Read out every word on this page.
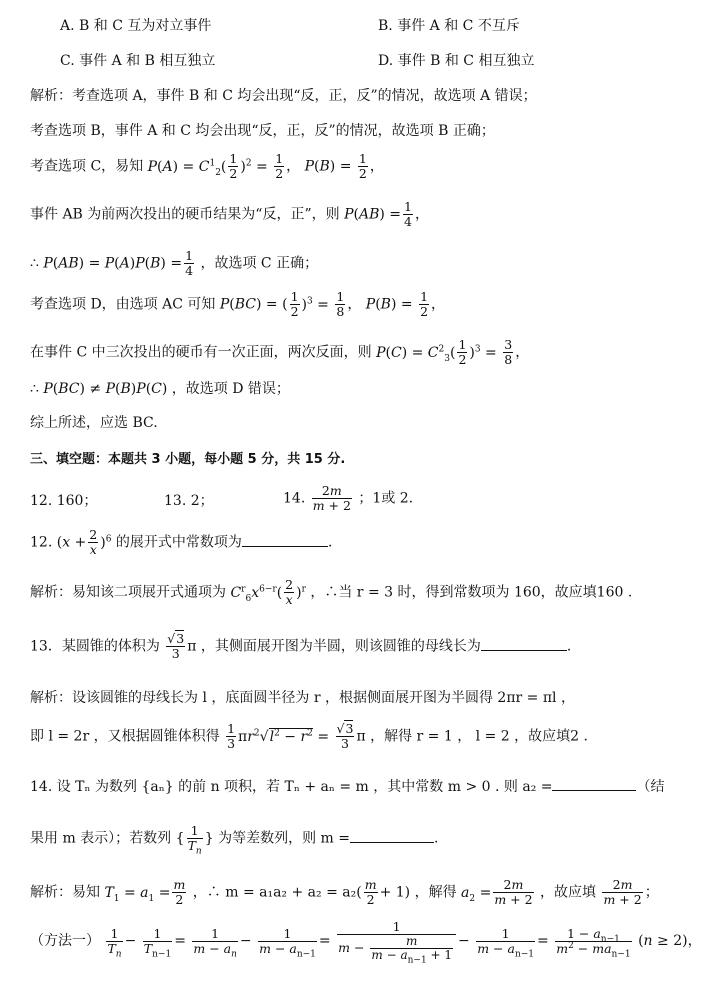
A. B 和 C 互为对立事件	B. 事件 A 和 C 不互斥
C. 事件 A 和 B 相互独立	D. 事件 B 和 C 相互独立
解析：考查选项 A，事件 B 和 C 均会出现“反，正，反”的情况，故选项 A 错误；
考查选项 B，事件 A 和 C 均会出现“反，正，反”的情况，故选项 B 正确；
考查选项 C，易知 $P(A) = C^1_2( \frac{1}{2} )^2 = \frac{1}{2}$ ， $P(B) = \frac{1}{2}$ ，
事件 AB 为前两次投出的硬币结果为“反，正”，则 $P(AB) = \frac{1}{4}$ ，
∴ $P(AB) = P(A)P(B) = \frac{1}{4}$ ，故选项 C 正确；
考查选项 D，由选项 AC 可知 P(BC) = ( $\frac{1}{2} )^3 = \frac{1}{8}$ ， $P(B) = \frac{1}{2}$ ，
在事件 C 中三次投出的硬币有一次正面，两次反面，则 $P(C) = C^2_3( \frac{1}{2} )^3 = \frac{3}{8}$ ，
∴ P(BC) ≠ P(B)P(C) ，故选项 D 错误；
综上所述，应选 BC.
三、填空题：本题共 3 小题，每小题 5 分，共 15 分.
12. 160；	13. 2；	14. $\frac{2m}{m + 2}$ ；1或 2.
12. $(x + \frac{2}{x} )^6$ 的展开式中常数项为	.
解析：易知该二项展开式通项为 $C^r_6x^{6-r}( \frac{2}{x} )^r$ ，∴当 r = 3 时，得到常数项为 160，故应填160 .
13．某圆锥的体积为 $\frac{√3}{3}$ π ，其侧面展开图为半圆，则该圆锥的母线长为	.
解析：设该圆锥的母线长为 l ，底面圆半径为 r ，根据侧面展开图为半圆得 2πr = πl ，
即 l = 2r ，又根据圆锥体积得 $\frac{1}{3} \pi r^2√l^2 - r^2 = \frac{√3}{3}$ π ，解得 r = 1 ， l = 2 ，故应填2 .
14. 设 Tₙ 为数列 {aₙ} 的前 n 项积，若 Tₙ + aₙ = m ，其中常数 m > 0 . 则 a₂ =	（结
果用 m 表示）；若数列 { $\frac{1}{T_n}$ } 为等差数列，则 m =	.
解析：易知 $T_1 = a_1 = \frac{m}{2}$ ，∴ $m = a_1a_2 + a_2 = a_2( \frac{m}{2} + 1)$ ，解得 $a_2 = \frac{2m}{m + 2}$ ，故应填 $\frac{2m}{m + 2}$ ；
（方法一） $\frac{1}{T_n} - \frac{1}{T_{n-1}} = \frac{1}{m - a_n} - \frac{1}{m - a_{n-1}} = \frac{1}{m - \frac{m}{m - a_{n-1} + 1}} - \frac{1}{m - a_{n-1}}$ =	$1 - a_{n-1}$
$m^2 - ma_{n-1}$
(n ≥ 2)，
